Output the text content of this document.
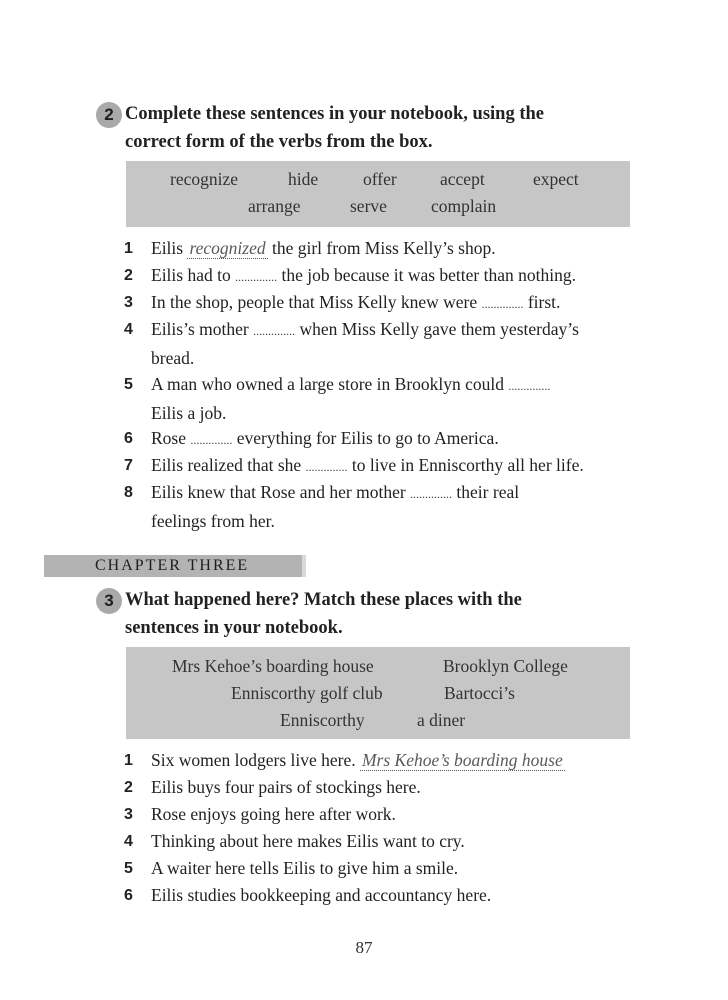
2 Complete these sentences in your notebook, using the
correct form of the verbs from the box.
recognize	hide	offer accept	expect
arrange	serve	complain
1	Eilis recognized the girl from Miss Kelly’s shop.
2	Eilis had to .............. the job because it was better than nothing.
3	In the shop, people that Miss Kelly knew were .............. first.
4	Eilis’s mother .............. when Miss Kelly gave them yesterday’s
bread.
5	A man who owned a large store in Brooklyn could ..............
Eilis a job.
6	Rose .............. everything for Eilis to go to America.
7	Eilis realized that she .............. to live in Enniscorthy all her life.
8	Eilis knew that Rose and her mother .............. their real
feelings from her.
CHAPTER THREE
3 What happened here? Match these places with the
sentences in your notebook.
Mrs Kehoe’s boarding house	Brooklyn College
Enniscorthy golf club	Bartocci’s
Enniscorthy	a diner
1	Six women lodgers live here. Mrs Kehoe’s boarding house
2	Eilis buys four pairs of stockings here.
3	Rose enjoys going here after work.
4	Thinking about here makes Eilis want to cry.
5	A waiter here tells Eilis to give him a smile.
6	Eilis studies bookkeeping and accountancy here.
87
